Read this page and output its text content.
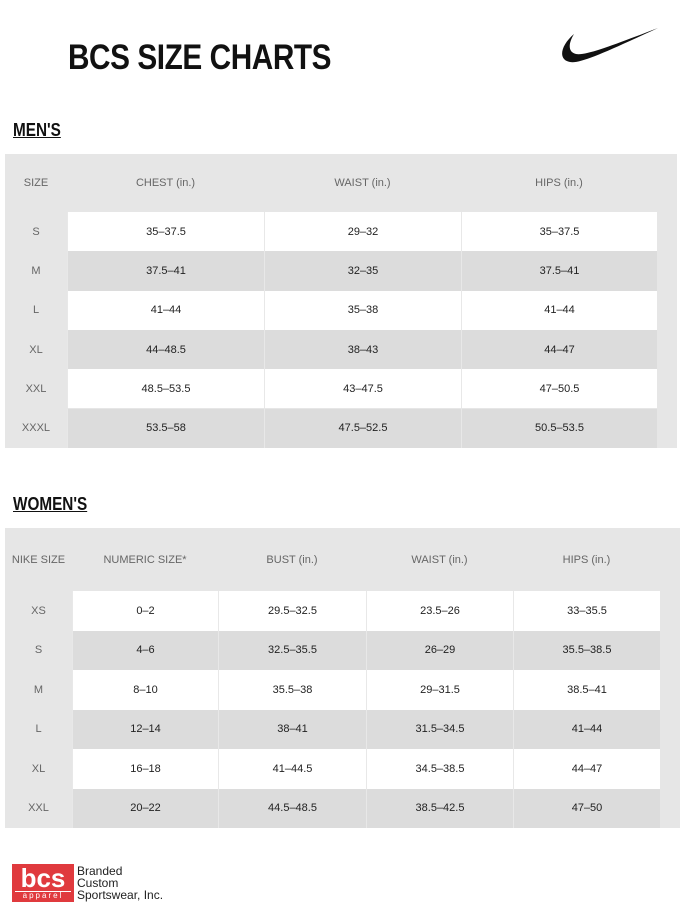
BCS SIZE CHARTS
MEN'S
SIZE	CHEST (in.)	WAIST (in.)	HIPS (in.)
S	35–37.5	29–32	35–37.5
M	37.5–41	32–35	37.5–41
L	41–44	35–38	41–44
XL	44–48.5	38–43	44–47
XXL	48.5–53.5	43–47.5	47–50.5
XXXL	53.5–58	47.5–52.5	50.5–53.5
WOMEN'S
NIKE SIZE	NUMERIC SIZE*	BUST (in.)	WAIST (in.)	HIPS (in.)
XS	0–2	29.5–32.5	23.5–26	33–35.5
S	4–6	32.5–35.5	26–29	35.5–38.5
M	8–10	35.5–38	29–31.5	38.5–41
L	12–14	38–41	31.5–34.5	41–44
XL	16–18	41–44.5	34.5–38.5	44–47
XXL	20–22	44.5–48.5	38.5–42.5	47–50
bcs
apparel
Branded
Custom
Sportswear, Inc.
